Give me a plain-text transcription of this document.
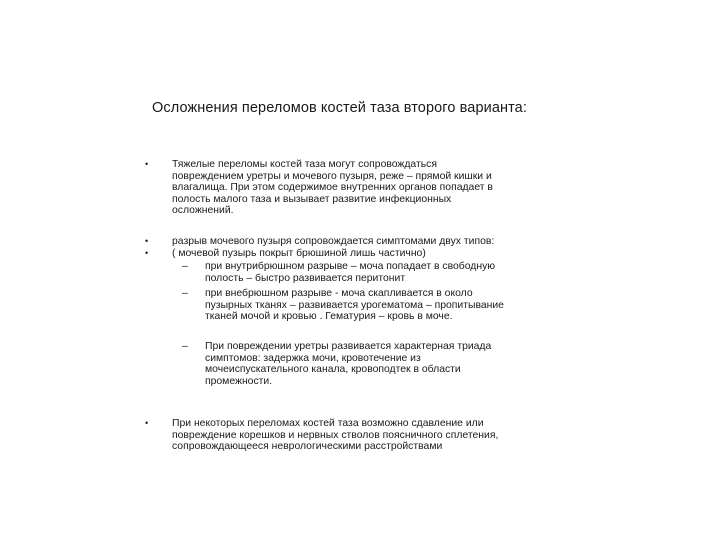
Осложнения переломов костей таза второго варианта:
• Тяжелые переломы костей таза могут сопровождаться
повреждением уретры и мочевого пузыря, реже – прямой кишки и
влагалища. При этом содержимое внутренних органов попадает в
полость малого таза и вызывает развитие инфекционных
осложнений.
•
•
разрыв мочевого пузыря сопровождается симптомами двух типов:
( мочевой пузырь покрыт брюшиной лишь частично)
– при внутрибрюшном разрыве – моча попадает в свободную
полость – быстро развивается перитонит
– при внебрюшном разрыве - моча скапливается в около
пузырных тканях – развивается урогематома – пропитывание
тканей мочой и кровью . Гематурия – кровь в моче.
– При повреждении уретры развивается характерная триада
симптомов: задержка мочи, кровотечение из
мочеиспускательного канала, кровоподтек в области
промежности.
• При некоторых переломах костей таза возможно сдавление или
повреждение корешков и нервных стволов поясничного сплетения,
сопровождающееся неврологическими расстройствами
